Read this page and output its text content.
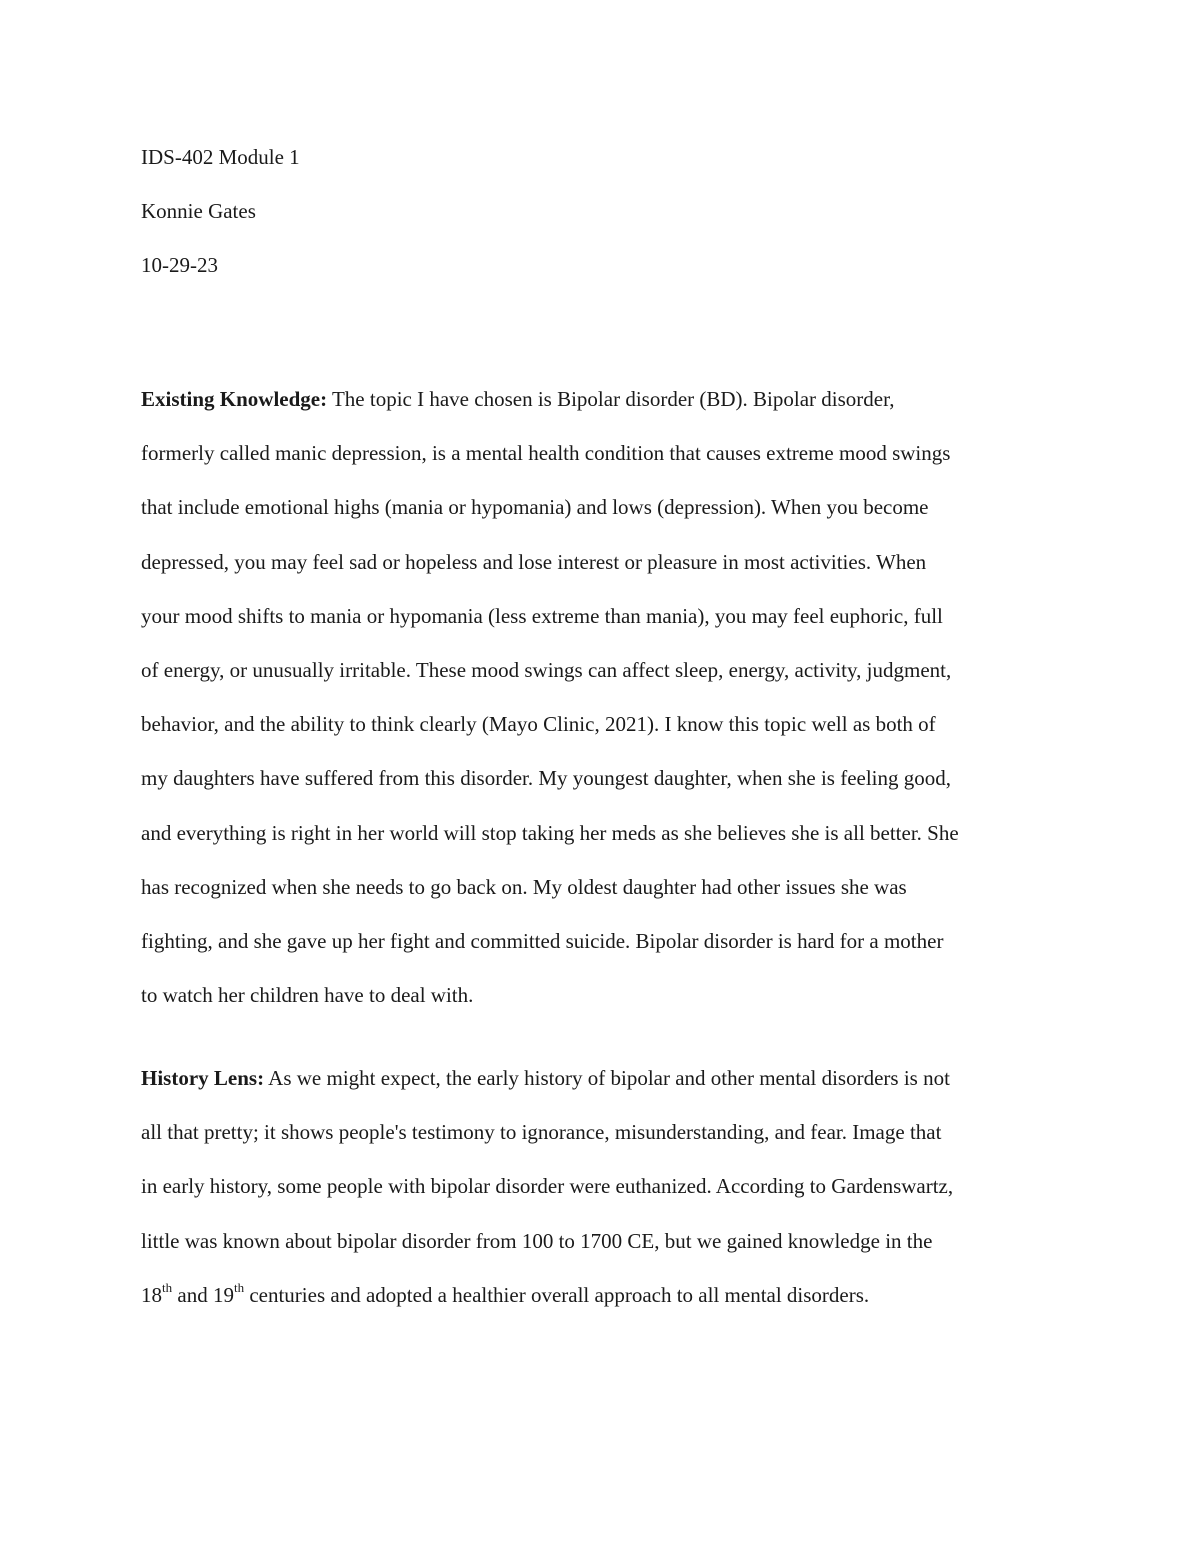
IDS-402 Module 1
Konnie Gates
10-29-23
Existing Knowledge: The topic I have chosen is Bipolar disorder (BD). Bipolar disorder,
formerly called manic depression, is a mental health condition that causes extreme mood swings
that include emotional highs (mania or hypomania) and lows (depression). When you become
depressed, you may feel sad or hopeless and lose interest or pleasure in most activities. When
your mood shifts to mania or hypomania (less extreme than mania), you may feel euphoric, full
of energy, or unusually irritable. These mood swings can affect sleep, energy, activity, judgment,
behavior, and the ability to think clearly (Mayo Clinic, 2021). I know this topic well as both of
my daughters have suffered from this disorder. My youngest daughter, when she is feeling good,
and everything is right in her world will stop taking her meds as she believes she is all better. She
has recognized when she needs to go back on. My oldest daughter had other issues she was
fighting, and she gave up her fight and committed suicide. Bipolar disorder is hard for a mother
to watch her children have to deal with.
History Lens: As we might expect, the early history of bipolar and other mental disorders is not
all that pretty; it shows people's testimony to ignorance, misunderstanding, and fear. Image that
in early history, some people with bipolar disorder were euthanized. According to Gardenswartz,
little was known about bipolar disorder from 100 to 1700 CE, but we gained knowledge in the
18th and 19th centuries and adopted a healthier overall approach to all mental disorders.
